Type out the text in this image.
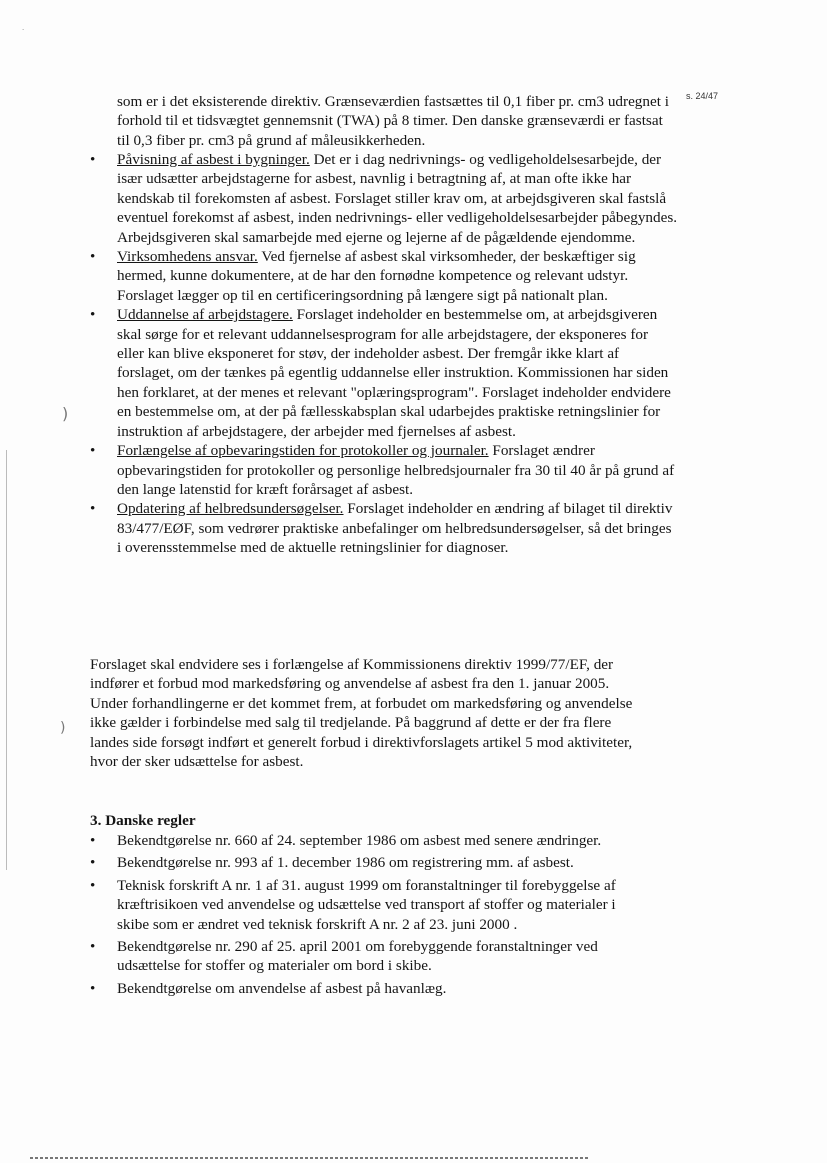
s. 24/47
·
)
)
som er i det eksisterende direktiv. Grænseværdien fastsættes til 0,1 fiber pr. cm3 udregnet i forhold til et tidsvægtet gennemsnit (TWA) på 8 timer. Den danske grænseværdi er fastsat til 0,3 fiber pr. cm3 på grund af måleusikkerheden.
• Påvisning af asbest i bygninger. Det er i dag nedrivnings- og vedligeholdelsesarbejde, der især udsætter arbejdstagerne for asbest, navnlig i betragtning af, at man ofte ikke har kendskab til forekomsten af asbest. Forslaget stiller krav om, at arbejdsgiveren skal fastslå eventuel forekomst af asbest, inden nedrivnings- eller vedligeholdelsesarbejder påbegyndes. Arbejdsgiveren skal samarbejde med ejerne og lejerne af de pågældende ejendomme.
• Virksomhedens ansvar. Ved fjernelse af asbest skal virksomheder, der beskæftiger sig hermed, kunne dokumentere, at de har den fornødne kompetence og relevant udstyr. Forslaget lægger op til en certificeringsordning på længere sigt på nationalt plan.
• Uddannelse af arbejdstagere. Forslaget indeholder en bestemmelse om, at arbejdsgiveren skal sørge for et relevant uddannelsesprogram for alle arbejdstagere, der eksponeres for eller kan blive eksponeret for støv, der indeholder asbest. Der fremgår ikke klart af forslaget, om der tænkes på egentlig uddannelse eller instruktion. Kommissionen har siden hen forklaret, at der menes et relevant "oplæringsprogram". Forslaget indeholder endvidere en bestemmelse om, at der på fællesskabsplan skal udarbejdes praktiske retningslinier for instruktion af arbejdstagere, der arbejder med fjernelses af asbest.
• Forlængelse af opbevaringstiden for protokoller og journaler. Forslaget ændrer opbevaringstiden for protokoller og personlige helbredsjournaler fra 30 til 40 år på grund af den lange latenstid for kræft forårsaget af asbest.
• Opdatering af helbredsundersøgelser. Forslaget indeholder en ændring af bilaget til direktiv 83/477/EØF, som vedrører praktiske anbefalinger om helbredsundersøgelser, så det bringes i overensstemmelse med de aktuelle retningslinier for diagnoser.
Forslaget skal endvidere ses i forlængelse af Kommissionens direktiv 1999/77/EF, der indfører et forbud mod markedsføring og anvendelse af asbest fra den 1. januar 2005. Under forhandlingerne er det kommet frem, at forbudet om markedsføring og anvendelse ikke gælder i forbindelse med salg til tredjelande. På baggrund af dette er der fra flere landes side forsøgt indført et generelt forbud i direktivforslagets artikel 5 mod aktiviteter, hvor der sker udsættelse for asbest.
3. Danske regler
• Bekendtgørelse nr. 660 af 24. september 1986 om asbest med senere ændringer.
• Bekendtgørelse nr. 993 af 1. december 1986 om registrering mm. af asbest.
• Teknisk forskrift A nr. 1 af 31. august 1999 om foranstaltninger til forebyggelse af kræftrisikoen ved anvendelse og udsættelse ved transport af stoffer og materialer i skibe som er ændret ved teknisk forskrift A nr. 2 af 23. juni 2000 .
• Bekendtgørelse nr. 290 af 25. april 2001 om forebyggende foranstaltninger ved udsættelse for stoffer og materialer om bord i skibe.
• Bekendtgørelse om anvendelse af asbest på havanlæg.
